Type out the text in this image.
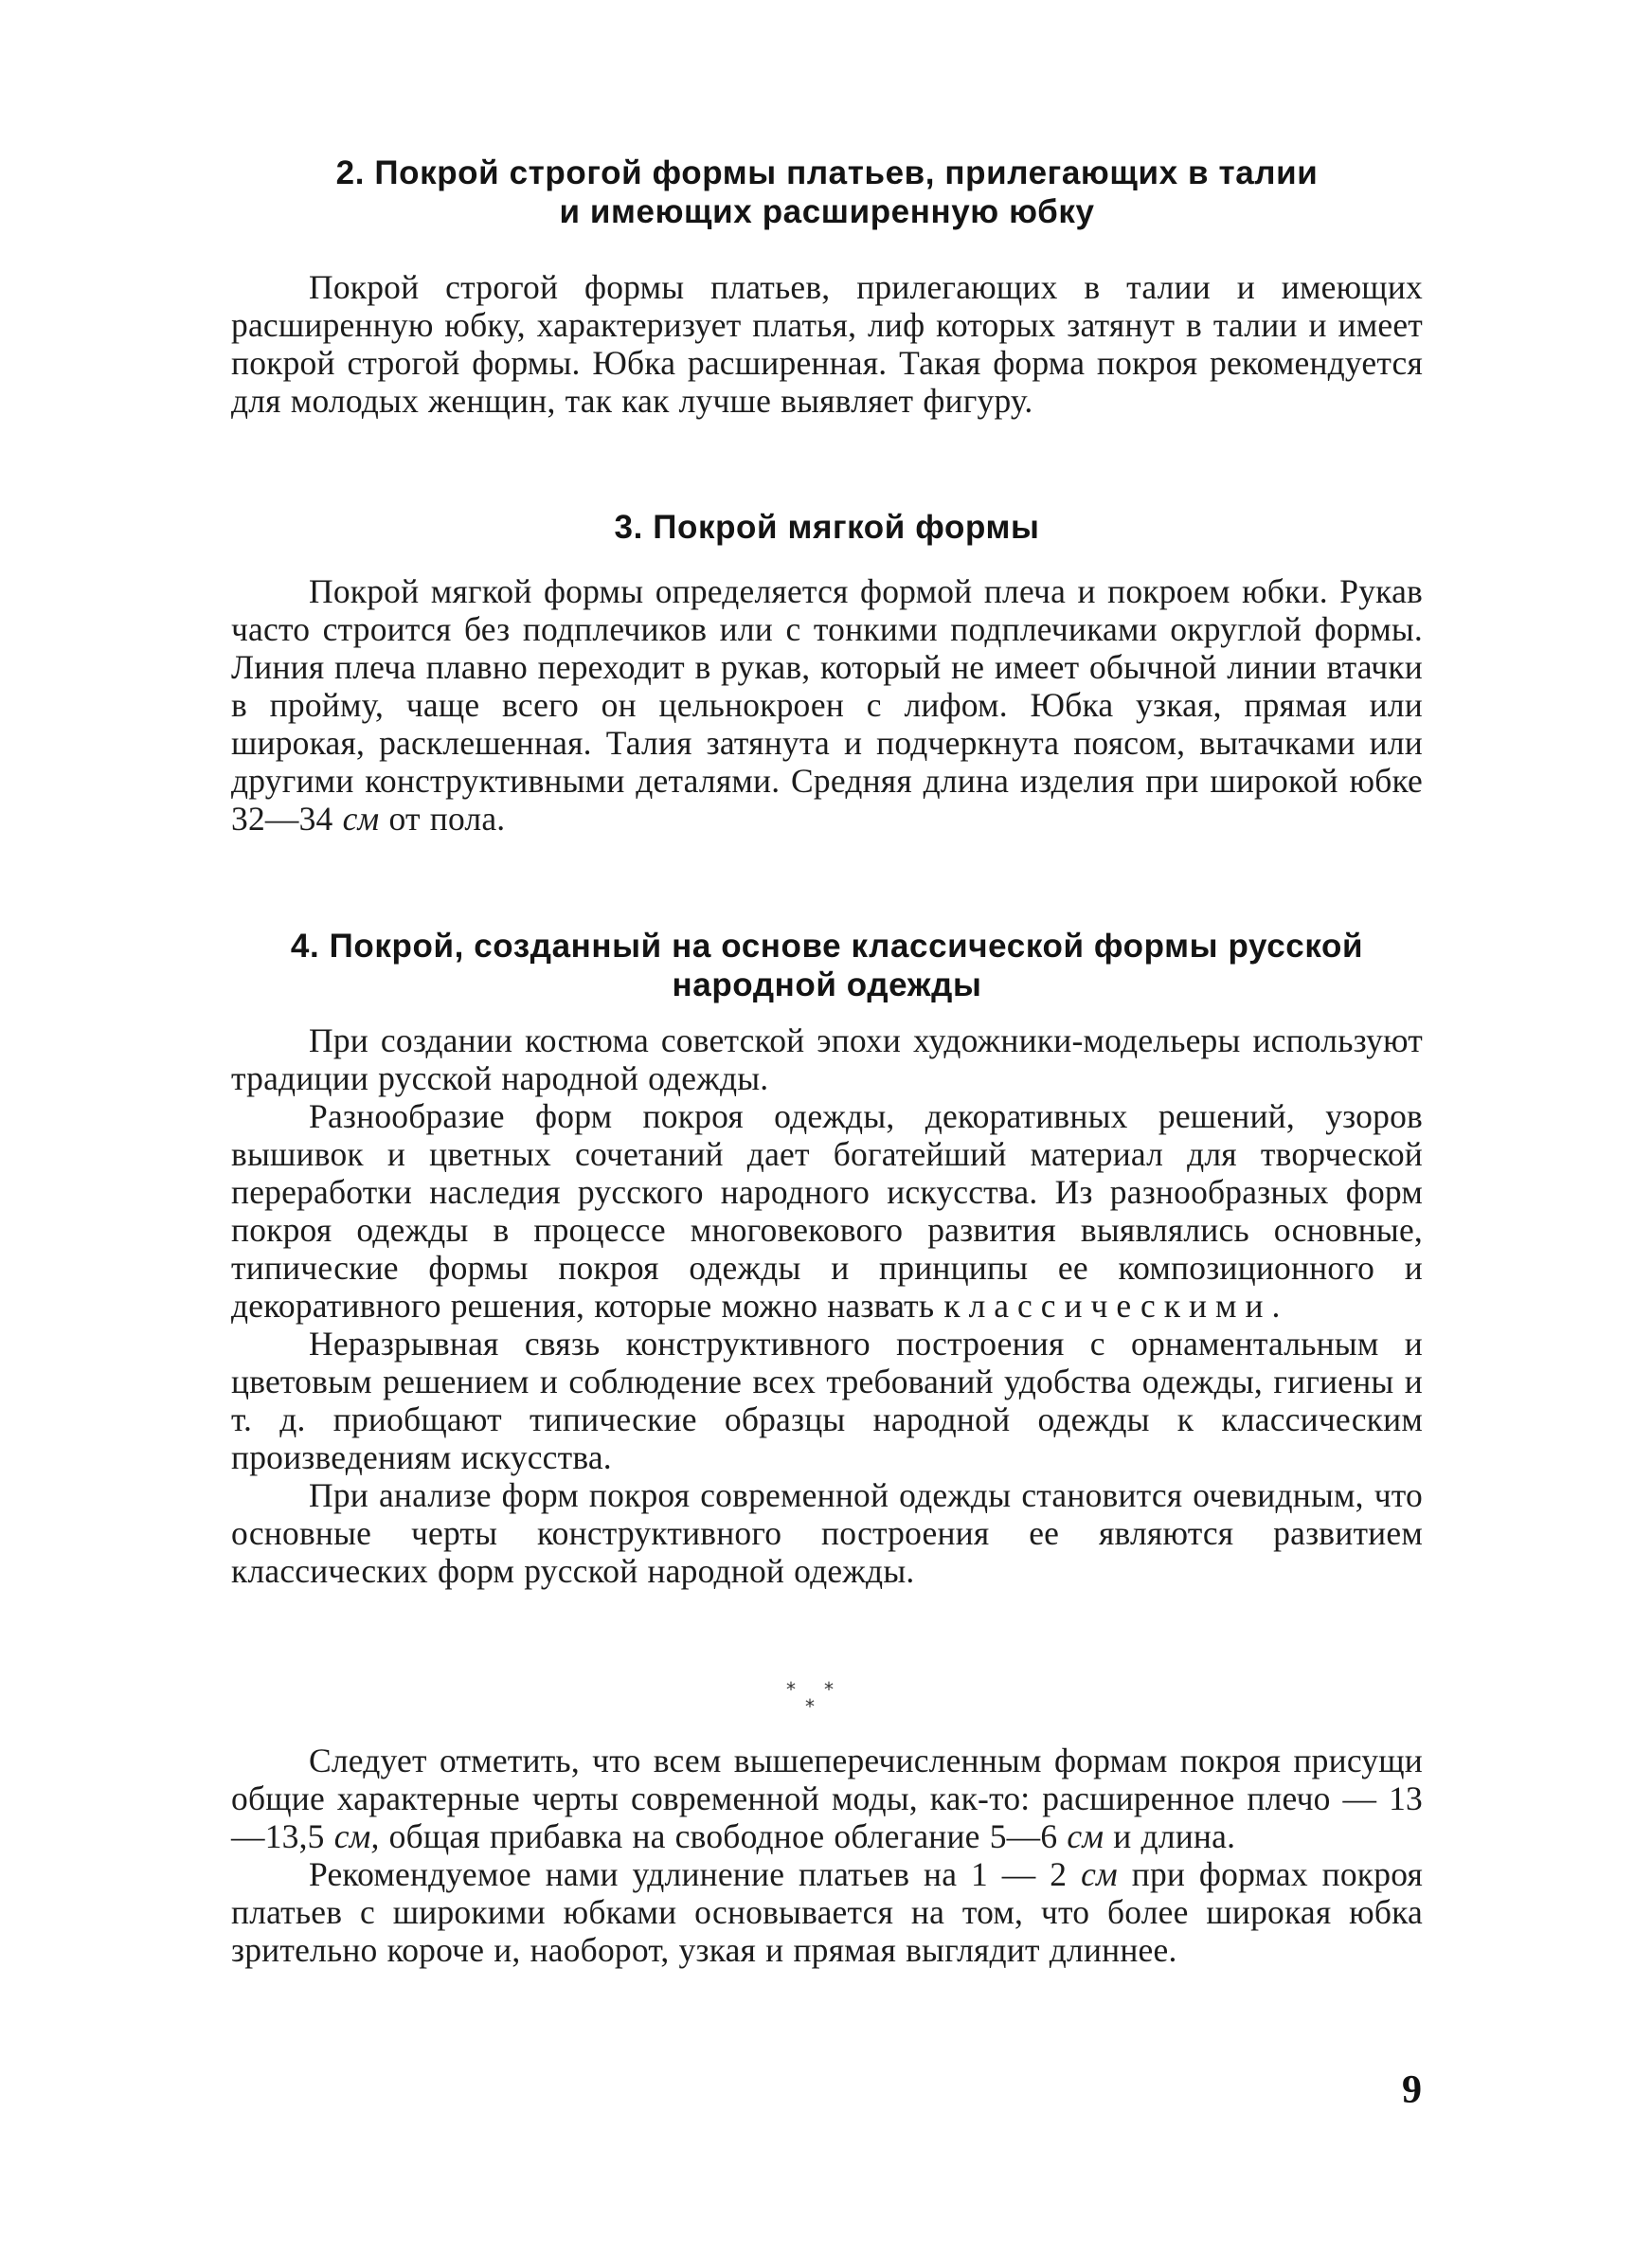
2. Покрой строгой формы платьев, прилегающих в талии
и имеющих расширенную юбку

Покрой строгой формы платьев, прилегающих в талии и имеющих расширенную юбку, характеризует платья, лиф которых затянут в талии и имеет покрой строгой формы. Юбка расширенная. Такая форма покроя рекомендуется для молодых женщин, так как лучше выявляет фигуру.

3. Покрой мягкой формы

Покрой мягкой формы определяется формой плеча и покроем юбки. Рукав часто строится без подплечиков или с тонкими подплечиками округлой формы. Линия плеча плавно переходит в рукав, который не имеет обычной линии втачки в пройму, чаще всего он цельнокроен с лифом. Юбка узкая, прямая или широкая, расклешенная. Талия затянута и подчеркнута поясом, вытачками или другими конструктивными деталями. Средняя длина изделия при широкой юбке 32—34 см от пола.

4. Покрой, созданный на основе классической формы русской
народной одежды

При создании костюма советской эпохи художники-модельеры используют традиции русской народной одежды.

Разнообразие форм покроя одежды, декоративных решений, узоров вышивок и цветных сочетаний дает богатейший материал для творческой переработки наследия русского народного искусства. Из разнообразных форм покроя одежды в процессе многовекового развития выявлялись основные, типические формы покроя одежды и принципы ее композиционного и декоративного решения, которые можно назвать классическими.

Неразрывная связь конструктивного построения с орнаментальным и цветовым решением и соблюдение всех требований удобства одежды, гигиены и т. д. приобщают типические образцы народной одежды к классическим произведениям искусства.

При анализе форм покроя современной одежды становится очевидным, что основные черты конструктивного построения ее являются развитием классических форм русской народной одежды.

* *
*

Следует отметить, что всем вышеперечисленным формам покроя присущи общие характерные черты современной моды, как-то: расширенное плечо — 13—13,5 см, общая прибавка на свободное облегание 5—6 см и длина.

Рекомендуемое нами удлинение платьев на 1 — 2 см при формах покроя платьев с широкими юбками основывается на том, что более широкая юбка зрительно короче и, наоборот, узкая и прямая выглядит длиннее.

9
